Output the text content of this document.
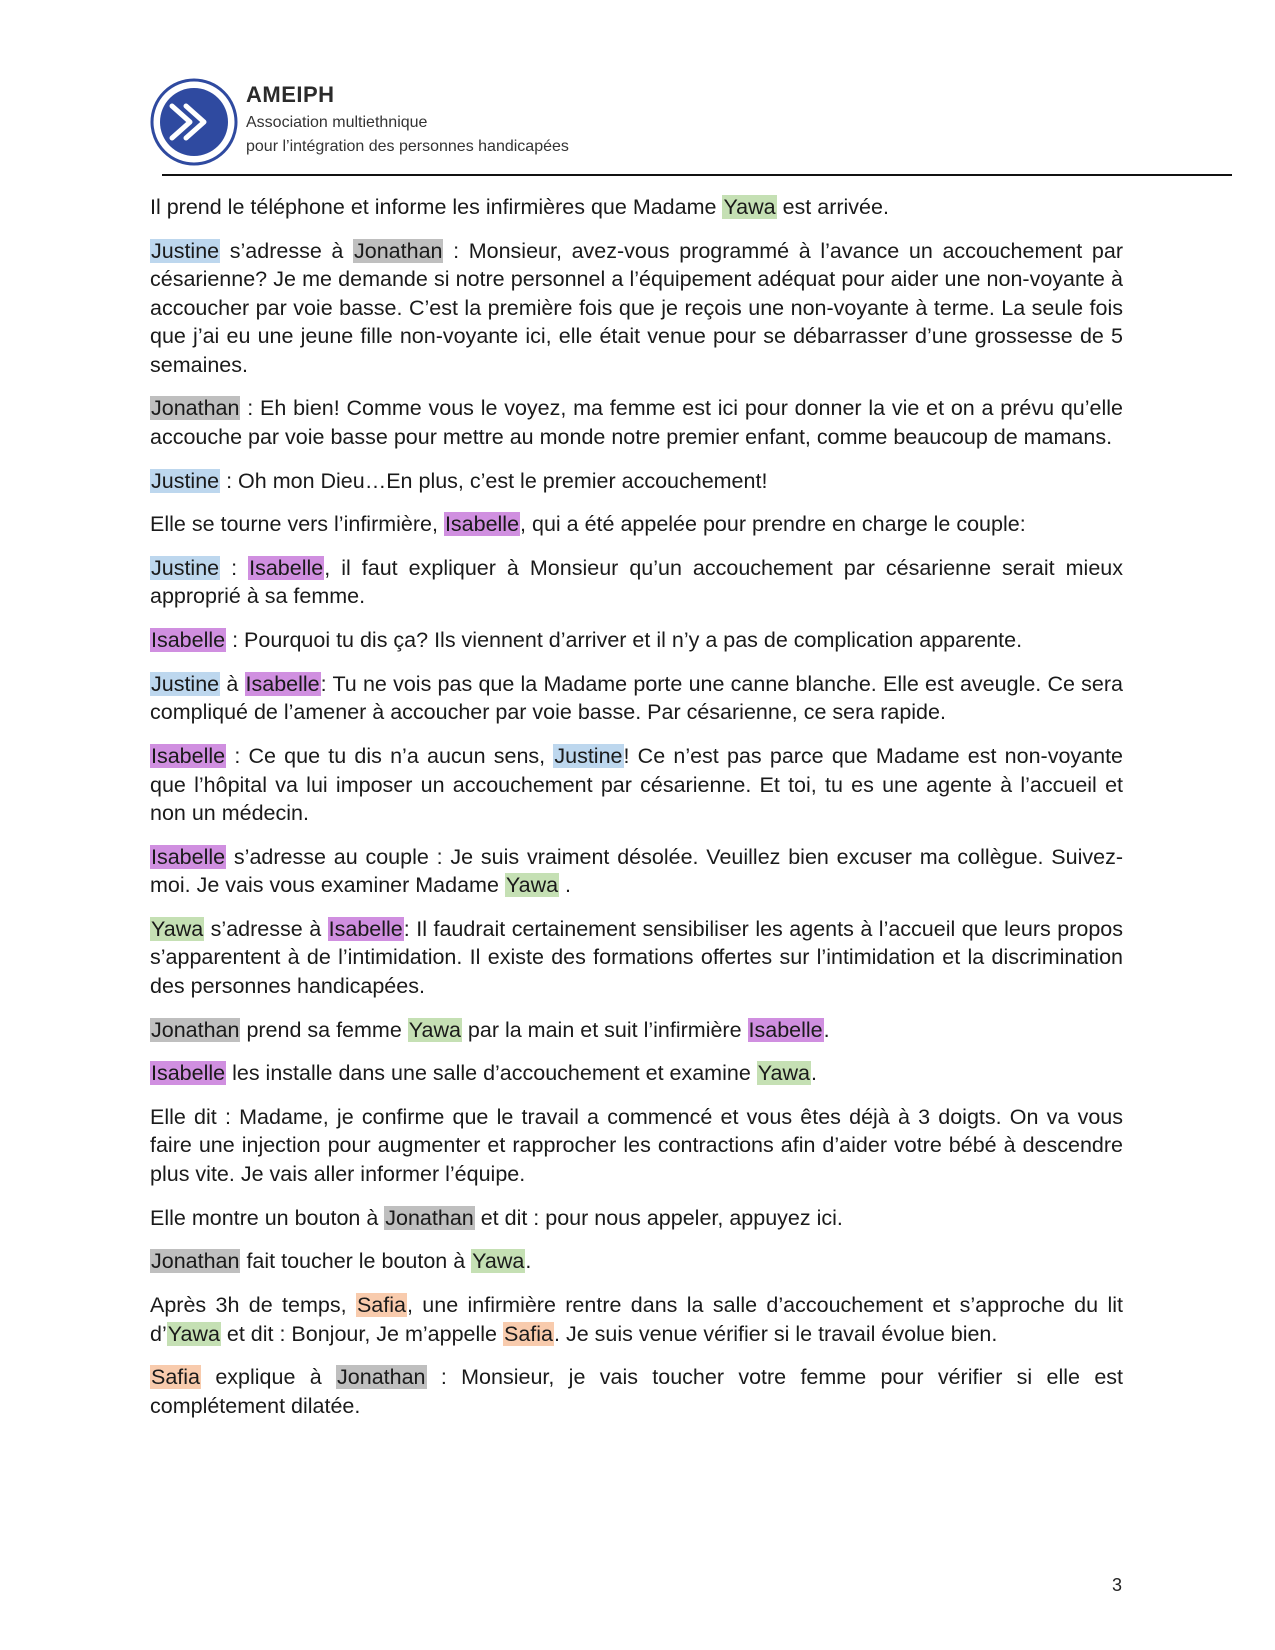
AMEIPH
Association multiethnique
pour l’intégration des personnes handicapées

Il prend le téléphone et informe les infirmières que Madame Yawa est arrivée.

Justine s’adresse à Jonathan : Monsieur, avez-vous programmé à l’avance un accouchement par césarienne? Je me demande si notre personnel a l’équipement adéquat pour aider une non-voyante à accoucher par voie basse. C’est la première fois que je reçois une non-voyante à terme. La seule fois que j’ai eu une jeune fille non-voyante ici, elle était venue pour se débarrasser d’une grossesse de 5 semaines.

Jonathan : Eh bien! Comme vous le voyez, ma femme est ici pour donner la vie et on a prévu qu’elle accouche par voie basse pour mettre au monde notre premier enfant, comme beaucoup de mamans.

Justine : Oh mon Dieu…En plus, c’est le premier accouchement!

Elle se tourne vers l’infirmière, Isabelle, qui a été appelée pour prendre en charge le couple:

Justine : Isabelle, il faut expliquer à Monsieur qu’un accouchement par césarienne serait mieux approprié à sa femme.

Isabelle : Pourquoi tu dis ça? Ils viennent d’arriver et il n’y a pas de complication apparente.

Justine à Isabelle: Tu ne vois pas que la Madame porte une canne blanche. Elle est aveugle. Ce sera compliqué de l’amener à accoucher par voie basse. Par césarienne, ce sera rapide.

Isabelle : Ce que tu dis n’a aucun sens, Justine! Ce n’est pas parce que Madame est non-voyante que l’hôpital va lui imposer un accouchement par césarienne. Et toi, tu es une agente à l’accueil et non un médecin.

Isabelle s’adresse au couple : Je suis vraiment désolée. Veuillez bien excuser ma collègue. Suivez-moi. Je vais vous examiner Madame Yawa .

Yawa s’adresse à Isabelle: Il faudrait certainement sensibiliser les agents à l’accueil que leurs propos s’apparentent à de l’intimidation. Il existe des formations offertes sur l’intimidation et la discrimination des personnes handicapées.

Jonathan prend sa femme Yawa par la main et suit l’infirmière Isabelle.

Isabelle les installe dans une salle d’accouchement et examine Yawa.

Elle dit : Madame, je confirme que le travail a commencé et vous êtes déjà à 3 doigts. On va vous faire une injection pour augmenter et rapprocher les contractions afin d’aider votre bébé à descendre plus vite. Je vais aller informer l’équipe.

Elle montre un bouton à Jonathan et dit : pour nous appeler, appuyez ici.

Jonathan fait toucher le bouton à Yawa.

Après 3h de temps, Safia, une infirmière rentre dans la salle d’accouchement et s’approche du lit d’Yawa et dit : Bonjour, Je m’appelle Safia. Je suis venue vérifier si le travail évolue bien.

Safia explique à Jonathan : Monsieur, je vais toucher votre femme pour vérifier si elle est complétement dilatée.

3
